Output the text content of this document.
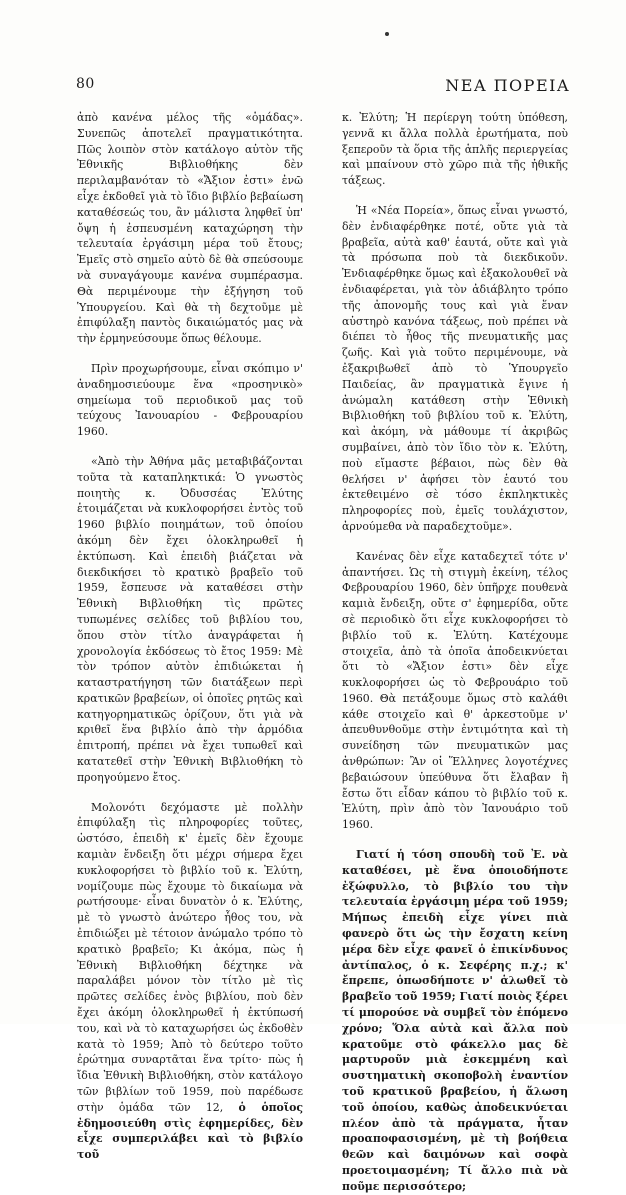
80	ΝΕΑ ΠΟΡΕΙΑ

ἀπὸ κανένα μέλος τῆς «ὁμάδας». Συνεπῶς ἀποτελεῖ πραγματικότητα. Πῶς λοιπὸν στὸν κατάλογο αὐτὸν τῆς Ἐθνικῆς Βιβλιοθήκης δὲν περιλαμβανόταν τὸ «Ἄξιον ἐστι» ἐνῶ εἶχε ἐκδοθεῖ γιὰ τὸ ἴδιο βιβλίο βεβαίωση καταθέσεώς του, ἂν μάλιστα ληφθεῖ ὑπ' ὄψη ἡ ἐσπευσμένη καταχώρηση τὴν τελευταία ἐργάσιμη μέρα τοῦ ἔτους; Ἐμεῖς στὸ σημεῖο αὐτὸ δὲ θὰ σπεύσουμε νὰ συναγάγουμε κανένα συμπέρασμα. Θὰ περιμένουμε τὴν ἐξήγηση τοῦ Ὑπουργείου. Καὶ θὰ τὴ δεχτοῦμε μὲ ἐπιφύλαξη παντὸς δικαιώματός μας νὰ τὴν ἑρμηνεύσουμε ὅπως θέλουμε.

Πρὶν προχωρήσουμε, εἶναι σκόπιμο ν' ἀναδημοσιεύουμε ἕνα «προσηνικὸ» σημείωμα τοῦ περιοδικοῦ μας τοῦ τεύχους Ἰανουαρίου - Φεβρουαρίου 1960.

«Ἀπὸ τὴν Ἀθήνα μᾶς μεταβιβάζονται τοῦτα τὰ καταπληκτικά: Ὁ γνωστὸς ποιητὴς κ. Ὀδυσσέας Ἐλύτης ἑτοιμάζεται νὰ κυκλοφορήσει ἐντὸς τοῦ 1960 βιβλίο ποιημάτων, τοῦ ὁποίου ἀκόμη δὲν ἔχει ὁλοκληρωθεῖ ἡ ἐκτύπωση. Καὶ ἐπειδὴ βιάζεται νὰ διεκδικήσει τὸ κρατικὸ βραβεῖο τοῦ 1959, ἔσπευσε νὰ καταθέσει στὴν Ἐθνικὴ Βιβλιοθήκη τὶς πρῶτες τυπωμένες σελίδες τοῦ βιβλίου του, ὅπου στὸν τίτλο ἀναγράφεται ἡ χρονολογία ἐκδόσεως τὸ ἔτος 1959: Μὲ τὸν τρόπον αὐτὸν ἐπιδιώκεται ἡ καταστρατήγηση τῶν διατάξεων περὶ κρατικῶν βραβείων, οἱ ὁποῖες ρητῶς καὶ κατηγορηματικῶς ὁρίζουν, ὅτι γιὰ νὰ κριθεῖ ἕνα βιβλίο ἀπὸ τὴν ἁρμόδια ἐπιτροπή, πρέπει νὰ ἔχει τυπωθεῖ καὶ κατατεθεῖ στὴν Ἐθνικὴ Βιβλιοθήκη τὸ προηγούμενο ἔτος.

Μολονότι δεχόμαστε μὲ πολλὴν ἐπιφύλαξη τὶς πληροφορίες τοῦτες, ὡστόσο, ἐπειδὴ κ' ἐμεῖς δὲν ἔχουμε καμιὰν ἔνδειξη ὅτι μέχρι σήμερα ἔχει κυκλοφορήσει τὸ βιβλίο τοῦ κ. Ἐλύτη, νομίζουμε πὼς ἔχουμε τὸ δικαίωμα νὰ ρωτήσουμε· εἶναι δυνατὸν ὁ κ. Ἐλύτης, μὲ τὸ γνωστὸ ἀνώτερο ἦθος του, νὰ ἐπιδιώξει μὲ τέτοιον ἀνώμαλο τρόπο τὸ κρατικὸ βραβεῖο; Κι ἀκόμα, πὼς ἡ Ἐθνικὴ Βιβλιοθήκη δέχτηκε νὰ παραλάβει μόνον τὸν τίτλο μὲ τὶς πρῶτες σελίδες ἑνὸς βιβλίου, ποὺ δὲν ἔχει ἀκόμη ὁλοκληρωθεῖ ἡ ἐκτύπωσή του, καὶ νὰ τὸ καταχωρήσει ὡς ἐκδοθὲν κατὰ τὸ 1959; Ἀπὸ τὸ δεύτερο τοῦτο ἐρώτημα συναρτᾶται ἕνα τρίτο· πὼς ἡ ἴδια Ἐθνικὴ Βιβλιοθήκη, στὸν κατάλογο τῶν βιβλίων τοῦ 1959, ποὺ παρέδωσε στὴν ὁμάδα τῶν 12, ὁ ὁποῖος ἐδημοσιεύθη στὶς ἐφημερίδες, δὲν εἶχε συμπεριλάβει καὶ τὸ βιβλίο τοῦ

κ. Ἐλύτη; Ἡ περίεργη τούτη ὑπόθεση, γεννᾶ κι ἄλλα πολλὰ ἐρωτήματα, ποὺ ξεπεροῦν τὰ ὅρια τῆς ἁπλῆς περιεργείας καὶ μπαίνουν στὸ χῶρο πιὰ τῆς ἠθικῆς τάξεως.

Ἡ «Νέα Πορεία», ὅπως εἶναι γνωστό, δὲν ἐνδιαφέρθηκε ποτέ, οὔτε γιὰ τὰ βραβεῖα, αὐτὰ καθ' ἑαυτά, οὔτε καὶ γιὰ τὰ πρόσωπα ποὺ τὰ διεκδικοῦν. Ἐνδιαφέρθηκε ὅμως καὶ ἐξακολουθεῖ νὰ ἐνδιαφέρεται, γιὰ τὸν ἀδιάβλητο τρόπο τῆς ἀπονομῆς τους καὶ γιὰ ἕναν αὐστηρὸ κανόνα τάξεως, ποὺ πρέπει νὰ διέπει τὸ ἦθος τῆς πνευματικῆς μας ζωῆς. Καὶ γιὰ τοῦτο περιμένουμε, νὰ ἐξακριβωθεῖ ἀπὸ τὸ Ὑπουργεῖο Παιδείας, ἂν πραγματικὰ ἔγινε ἡ ἀνώμαλη κατάθεση στὴν Ἐθνικὴ Βιβλιοθήκη τοῦ βιβλίου τοῦ κ. Ἐλύτη, καὶ ἀκόμη, νὰ μάθουμε τί ἀκριβῶς συμβαίνει, ἀπὸ τὸν ἴδιο τὸν κ. Ἐλύτη, ποὺ εἴμαστε βέβαιοι, πὼς δὲν θὰ θελήσει ν' ἀφήσει τὸν ἑαυτό του ἐκτεθειμένο σὲ τόσο ἐκπληκτικὲς πληροφορίες ποὺ, ἐμεῖς τουλάχιστον, ἀρνούμεθα νὰ παραδεχτοῦμε».

Κανένας δὲν εἶχε καταδεχτεῖ τότε ν' ἀπαντήσει. Ὡς τὴ στιγμὴ ἐκείνη, τέλος Φεβρουαρίου 1960, δὲν ὑπῆρχε πουθενὰ καμιὰ ἔνδειξη, οὔτε σ' ἐφημερίδα, οὔτε σὲ περιοδικὸ ὅτι εἶχε κυκλοφορήσει τὸ βιβλίο τοῦ κ. Ἐλύτη. Κατέχουμε στοιχεῖα, ἀπὸ τὰ ὁποῖα ἀποδεικνύεται ὅτι τὸ «Ἄξιον ἐστι» δὲν εἶχε κυκλοφορήσει ὡς τὸ Φεβρουάριο τοῦ 1960. Θὰ πετάξουμε ὅμως στὸ καλάθι κάθε στοιχεῖο καὶ θ' ἀρκεστοῦμε ν' ἀπευθυνθοῦμε στὴν ἐντιμότητα καὶ τὴ συνείδηση τῶν πνευματικῶν μας ἀνθρώπων: Ἂν οἱ Ἕλληνες λογοτέχνες βεβαιώσουν ὑπεύθυνα ὅτι ἔλαβαν ἢ ἔστω ὅτι εἶδαν κάπου τὸ βιβλίο τοῦ κ. Ἐλύτη, πρὶν ἀπὸ τὸν Ἰανουάριο τοῦ 1960.

Γιατί ἡ τόση σπουδὴ τοῦ Ἐ. νὰ καταθέσει, μὲ ἕνα ὁποιοδήποτε ἐξώφυλλο, τὸ βιβλίο του τὴν τελευταία ἐργάσιμη μέρα τοῦ 1959; Μήπως ἐπειδὴ εἶχε γίνει πιὰ φανερὸ ὅτι ὡς τὴν ἔσχατη κείνη μέρα δὲν εἶχε φανεῖ ὁ ἐπικίνδυνος ἀντίπαλος, ὁ κ. Σεφέρης π.χ.; κ' ἔπρεπε, ὁπωσδήποτε ν' ἁλωθεῖ τὸ βραβεῖο τοῦ 1959; Γιατί ποιὸς ξέρει τί μπορούσε νὰ συμβεῖ τὸν ἑπόμενο χρόνο; Ὅλα αὐτὰ καὶ ἄλλα ποὺ κρατοῦμε στὸ φάκελλο μας δὲ μαρτυροῦν μιὰ ἐσκεμμένη καὶ συστηματικὴ σκοποβολὴ ἐναντίον τοῦ κρατικοῦ βραβείου, ἡ ἅλωση τοῦ ὁποίου, καθὼς ἀποδεικνύεται πλέον ἀπὸ τὰ πράγματα, ἦταν προαποφασισμένη, μὲ τὴ βοήθεια θεῶν καὶ δαιμόνων καὶ σοφὰ προετοιμασμένη; Τί ἄλλο πιὰ νὰ ποῦμε περισσότερο;
